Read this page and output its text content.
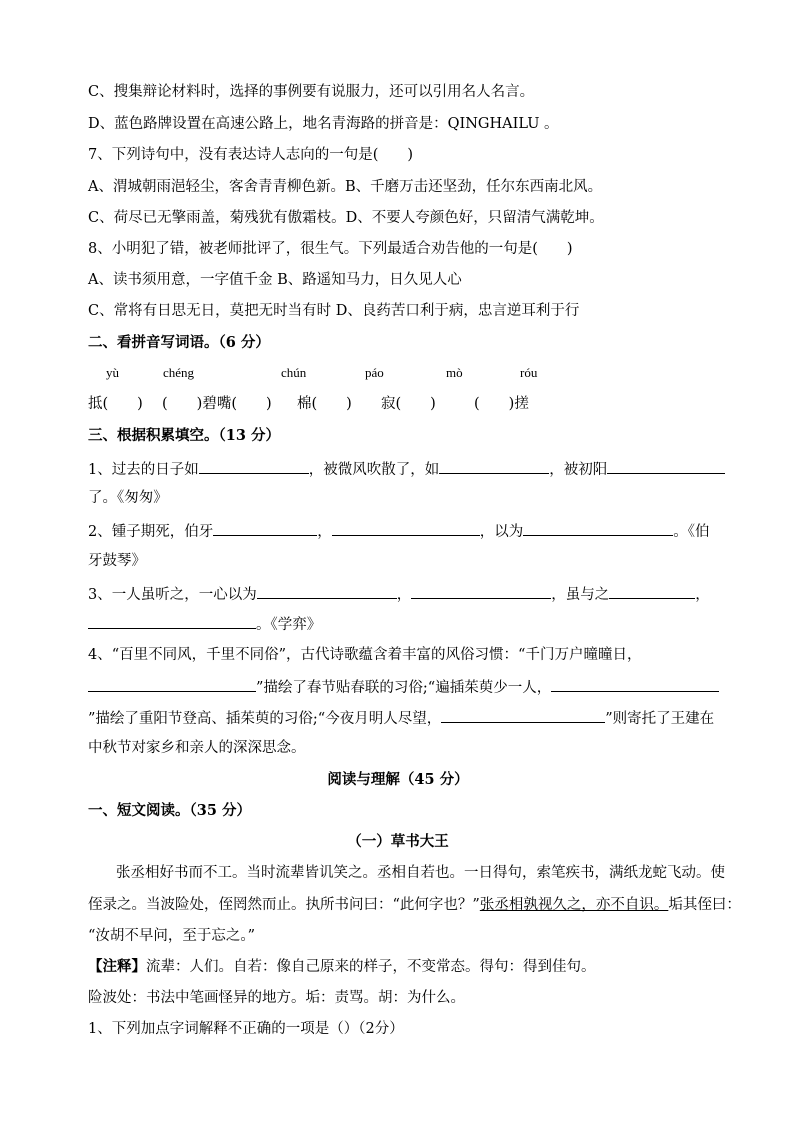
C、搜集辩论材料时，选择的事例要有说服力，还可以引用名人名言。
D、蓝色路牌设置在高速公路上，地名青海路的拼音是：QINGHAILU 。
7、下列诗句中，没有表达诗人志向的一句是(　　)
A、渭城朝雨浥轻尘，客舍青青柳色新。B、千磨万击还坚劲，任尔东西南北风。
C、荷尽已无擎雨盖，菊残犹有傲霜枝。D、不要人夸颜色好，只留清气满乾坤。
8、小明犯了错，被老师批评了，很生气。下列最适合劝告他的一句是(　　)
A、读书须用意，一字值千金 B、路遥知马力，日久见人心
C、常将有日思无日，莫把无时当有时 D、良药苦口利于病，忠言逆耳利于行
二、看拼音写词语。（6 分）
yù	chéng	chún	páo	mò	róu
抵(　　) (　　)碧嘴(　　) 棉(　　) 寂(　　)	(　　)搓
三、根据积累填空。（13 分）
1、过去的日子如	，被微风吹散了，如	，被初阳
了。《匆匆》
2、锺子期死，伯牙	，	，以为	。《伯
牙鼓琴》
3、一人虽听之，一心以为	，	，虽与之	，
。《学弈》
4、“百里不同风，千里不同俗”，古代诗歌蕴含着丰富的风俗习惯：“千门万户曈曈日，
”描绘了春节贴春联的习俗;“遍插茱萸少一人，
”描绘了重阳节登高、插茱萸的习俗;“今夜月明人尽望，	”则寄托了王建在
中秋节对家乡和亲人的深深思念。
阅读与理解（45 分）
一、短文阅读。（35 分）
（一）草书大王
张丞相好书而不工。当时流辈皆讥笑之。丞相自若也。一日得句，索笔疾书，满纸龙蛇飞动。使
侄录之。当波险处，侄罔然而止。执所书问曰：“此何字也？”张丞相孰视久之，亦不自识。垢其侄曰：
“汝胡不早问，至于忘之。”
【注释】流辈：人们。自若：像自己原来的样子，不变常态。得句：得到佳句。
险波处：书法中笔画怪异的地方。垢：责骂。胡：为什么。
1、下列加点字词解释不正确的一项是（）（2分）
